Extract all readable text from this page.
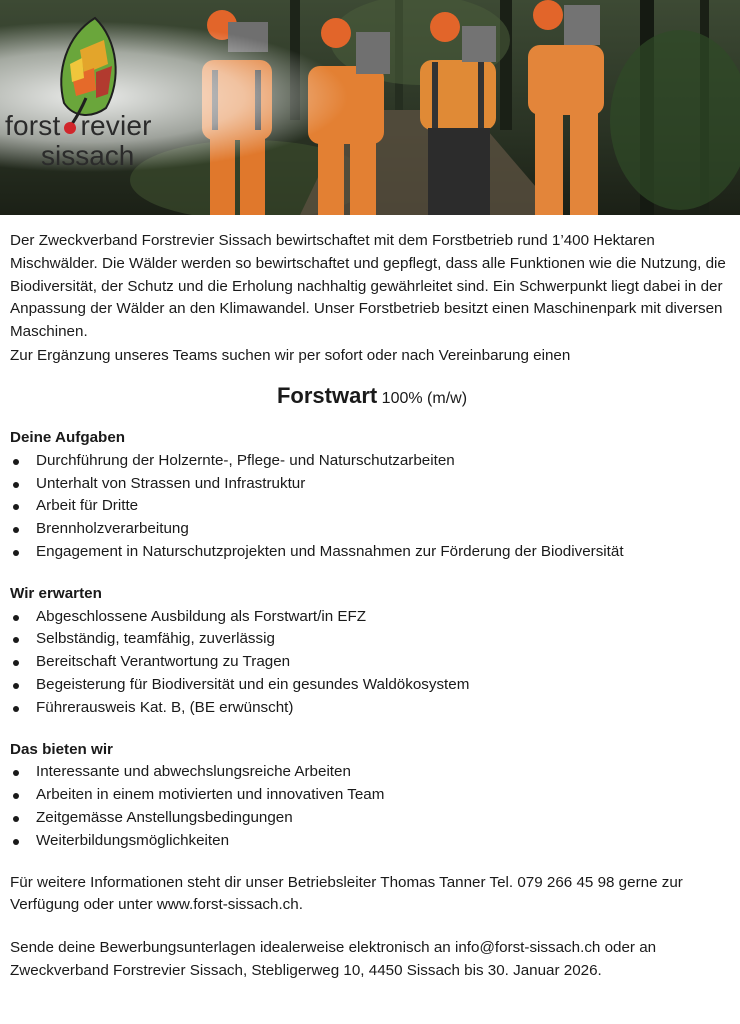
forst revier
sissach

Der Zweckverband Forstrevier Sissach bewirtschaftet mit dem Forstbetrieb rund 1’400 Hektaren Mischwälder. Die Wälder werden so bewirtschaftet und gepflegt, dass alle Funktionen wie die Nutzung, die Biodiversität, der Schutz und die Erholung nachhaltig gewährleitet sind. Ein Schwerpunkt liegt dabei in der Anpassung der Wälder an den Klimawandel. Unser Forstbetrieb besitzt einen Maschinenpark mit diversen Maschinen.

Zur Ergänzung unseres Teams suchen wir per sofort oder nach Vereinbarung einen

Forstwart 100% (m/w)
Deine Aufgaben
Durchführung der Holzernte-, Pflege- und Naturschutzarbeiten
Unterhalt von Strassen und Infrastruktur
Arbeit für Dritte
Brennholzverarbeitung
Engagement in Naturschutzprojekten und Massnahmen zur Förderung der Biodiversität
Wir erwarten
Abgeschlossene Ausbildung als Forstwart/in EFZ
Selbständig, teamfähig, zuverlässig
Bereitschaft Verantwortung zu Tragen
Begeisterung für Biodiversität und ein gesundes Waldökosystem
Führerausweis Kat. B, (BE erwünscht)
Das bieten wir
Interessante und abwechslungsreiche Arbeiten
Arbeiten in einem motivierten und innovativen Team
Zeitgemässe Anstellungsbedingungen
Weiterbildungsmöglichkeiten

Für weitere Informationen steht dir unser Betriebsleiter Thomas Tanner Tel. 079 266 45 98 gerne zur Verfügung oder unter www.forst-sissach.ch.

Sende deine Bewerbungsunterlagen idealerweise elektronisch an info@forst-sissach.ch oder an Zweckverband Forstrevier Sissach, Stebligerweg 10, 4450 Sissach bis 30. Januar 2026.
